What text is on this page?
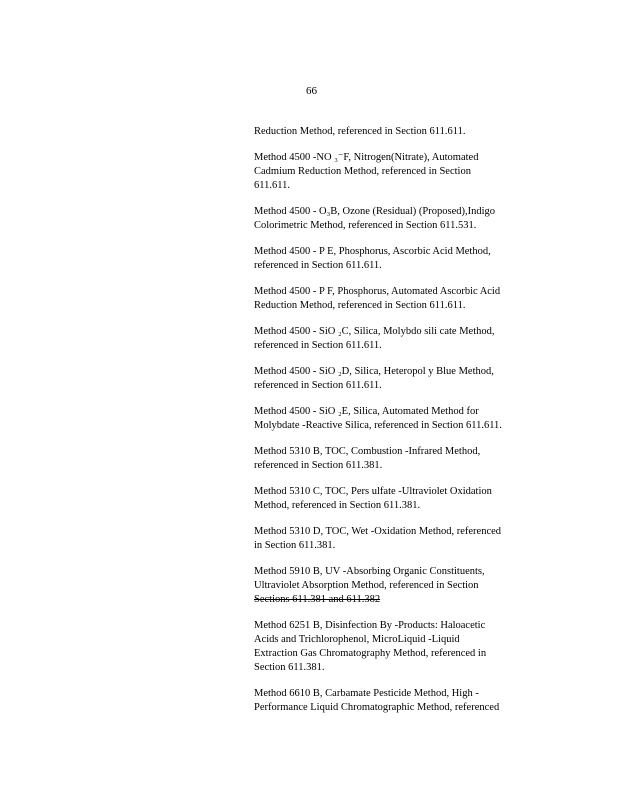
66

Reduction Method, referenced in Section 611.611.

Method 4500 -NO ₃⁻F, Nitrogen(Nitrate), Automated
Cadmium Reduction Method, referenced in Section
611.611.

Method 4500 - O₃B, Ozone (Residual) (Proposed),Indigo
Colorimetric Method, referenced in Section 611.531.

Method 4500 - P E, Phosphorus, Ascorbic Acid Method,
referenced in Section 611.611.

Method 4500 - P F, Phosphorus, Automated Ascorbic Acid
Reduction Method, referenced in Section 611.611.

Method 4500 - SiO ₂C, Silica, Molybdo sili cate Method,
referenced in Section 611.611.

Method 4500 - SiO ₂D, Silica, Heteropol y Blue Method,
referenced in Section 611.611.

Method 4500 - SiO ₂E, Silica, Automated Method for
Molybdate -Reactive Silica, referenced in Section 611.611.

Method 5310 B, TOC, Combustion -Infrared Method,
referenced in Section 611.381.

Method 5310 C, TOC, Pers ulfate -Ultraviolet Oxidation
Method, referenced in Section 611.381.

Method 5310 D, TOC, Wet -Oxidation Method, referenced
in Section 611.381.

Method 5910 B, UV -Absorbing Organic Constituents,
Ultraviolet Absorption Method, referenced in Section
Sections 611.381 and 611.382

Method 6251 B, Disinfection By -Products: Haloacetic
Acids and Trichlorophenol, MicroLiquid -Liquid
Extraction Gas Chromatography Method, referenced in
Section 611.381.

Method 6610 B, Carbamate Pesticide Method, High -
Performance Liquid Chromatographic Method, referenced
